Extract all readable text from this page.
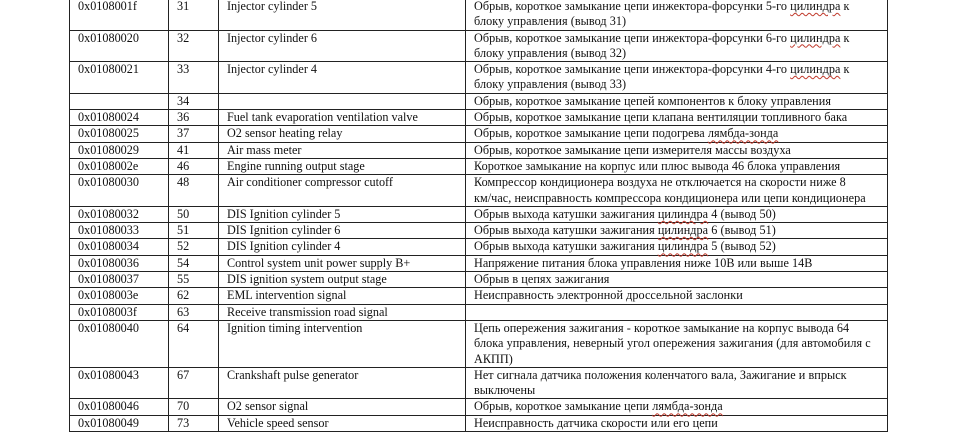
0x0108001f	31	Injector cylinder 5	Обрыв, короткое замыкание цепи инжектора-форсунки 5-го цилиндра к
блоку управления (вывод 31)

0x01080020	32	Injector cylinder 6	Обрыв, короткое замыкание цепи инжектора-форсунки 6-го цилиндра к
блоку управления (вывод 32)

0x01080021	33	Injector cylinder 4	Обрыв, короткое замыкание цепи инжектора-форсунки 4-го цилиндра к
блоку управления (вывод 33)

	34		Обрыв, короткое замыкание цепей компонентов к блоку управления

0x01080024	36	Fuel tank evaporation ventilation valve	Обрыв, короткое замыкание цепи клапана вентиляции топливного бака

0x01080025	37	O2 sensor heating relay	Обрыв, короткое замыкание цепи подогрева лямбда-зонда

0x01080029	41	Air mass meter	Обрыв, короткое замыкание цепи измерителя массы воздуха

0x0108002e	46	Engine running output stage	Короткое замыкание на корпус или плюс вывода 46 блока управления

0x01080030	48	Air conditioner compressor cutoff	Компрессор кондиционера воздуха не отключается на скорости ниже 8
км/час, неисправность компрессора кондиционера или цепи кондиционера

0x01080032	50	DIS Ignition cylinder 5	Обрыв выхода катушки зажигания цилиндра 4 (вывод 50)

0x01080033	51	DIS Ignition cylinder 6	Обрыв выхода катушки зажигания цилиндра 6 (вывод 51)

0x01080034	52	DIS Ignition cylinder 4	Обрыв выхода катушки зажигания цилиндра 5 (вывод 52)

0x01080036	54	Control system unit power supply B+	Напряжение питания блока управления ниже 10В или выше 14В

0x01080037	55	DIS ignition system output stage	Обрыв в цепях зажигания

0x0108003e	62	EML intervention signal	Неисправность электронной дроссельной заслонки

0x0108003f	63	Receive transmission road signal	
0x01080040	64	Ignition timing intervention	Цепь опережения зажигания - короткое замыкание на корпус вывода 64
блока управления, неверный угол опережения зажигания (для автомобиля с
АКПП)

0x01080043	67	Crankshaft pulse generator	Нет сигнала датчика положения коленчатого вала, Зажигание и впрыск
выключены

0x01080046	70	O2 sensor signal	Обрыв, короткое замыкание цепи лямбда-зонда

0x01080049	73	Vehicle speed sensor	Неисправность датчика скорости или его цепи
